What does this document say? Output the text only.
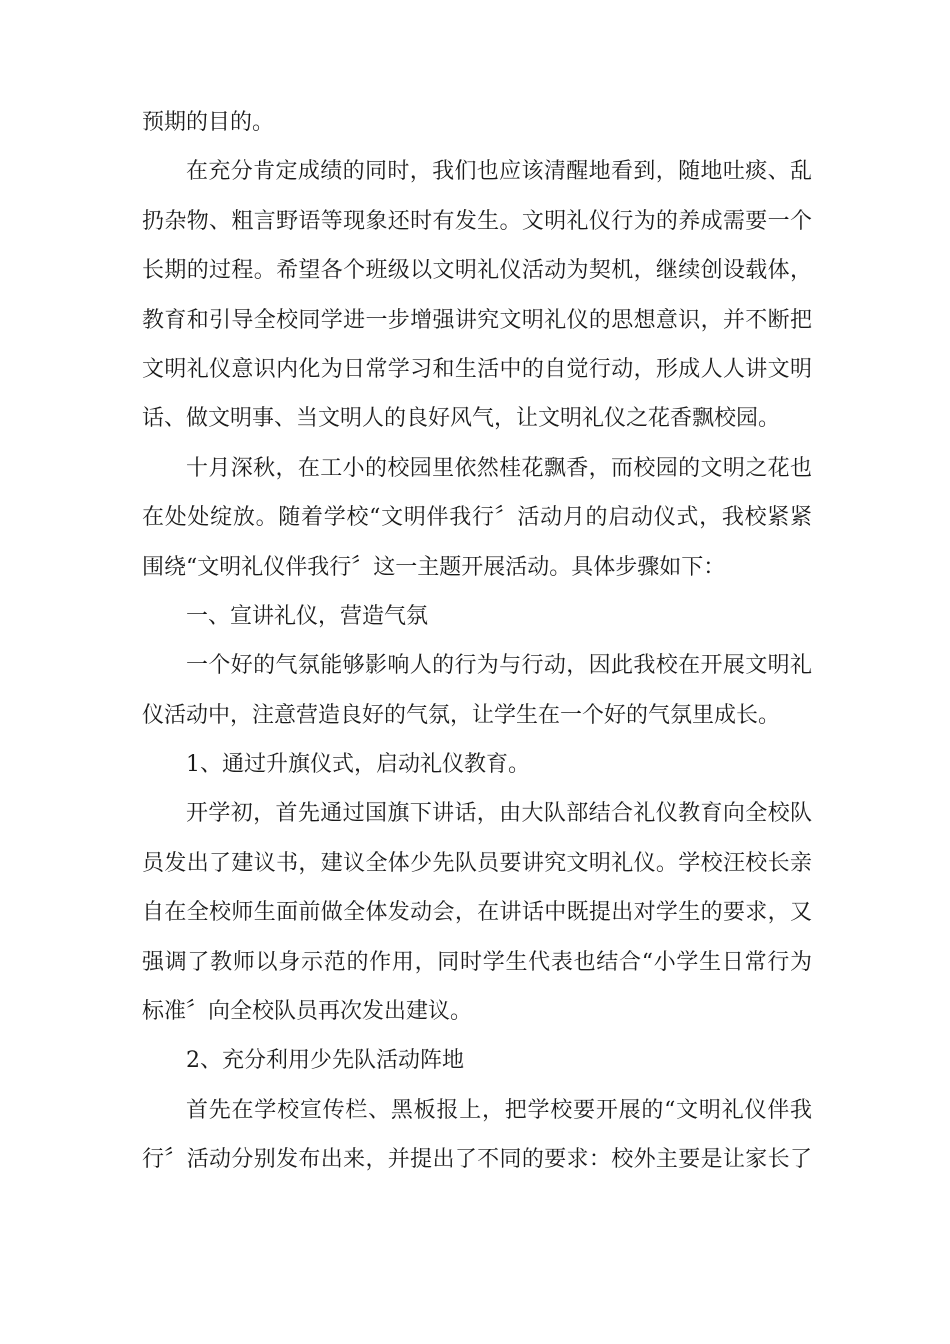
预期的目的。
在充分肯定成绩的同时，我们也应该清醒地看到，随地吐痰、乱
扔杂物、粗言野语等现象还时有发生。文明礼仪行为的养成需要一个
长期的过程。希望各个班级以文明礼仪活动为契机，继续创设载体，
教育和引导全校同学进一步增强讲究文明礼仪的思想意识，并不断把
文明礼仪意识内化为日常学习和生活中的自觉行动，形成人人讲文明
话、做文明事、当文明人的良好风气，让文明礼仪之花香飘校园。
十月深秋，在工小的校园里依然桂花飘香，而校园的文明之花也
在处处绽放。随着学校“文明伴我行〞活动月的启动仪式，我校紧紧
围绕“文明礼仪伴我行〞这一主题开展活动。具体步骤如下：
一、宣讲礼仪，营造气氛
一个好的气氛能够影响人的行为与行动，因此我校在开展文明礼
仪活动中，注意营造良好的气氛，让学生在一个好的气氛里成长。
1、通过升旗仪式，启动礼仪教育。
开学初，首先通过国旗下讲话，由大队部结合礼仪教育向全校队
员发出了建议书，建议全体少先队员要讲究文明礼仪。学校汪校长亲
自在全校师生面前做全体发动会，在讲话中既提出对学生的要求，又
强调了教师以身示范的作用，同时学生代表也结合“小学生日常行为
标准〞向全校队员再次发出建议。
2、充分利用少先队活动阵地
首先在学校宣传栏、黑板报上，把学校要开展的“文明礼仪伴我
行〞活动分别发布出来，并提出了不同的要求：校外主要是让家长了
